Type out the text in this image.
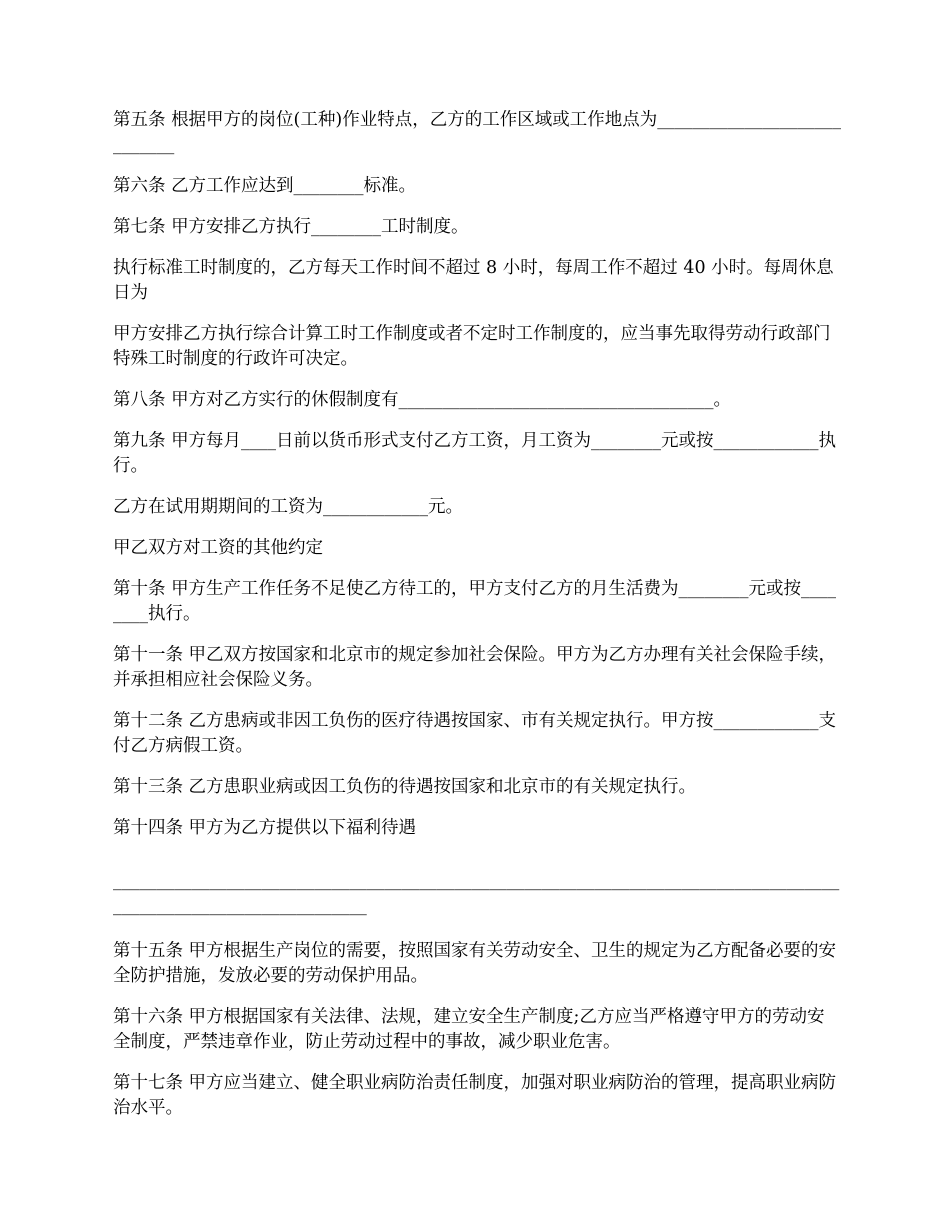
第五条 根据甲方的岗位(工种)作业特点，乙方的工作区域或工作地点为____________________________

第六条 乙方工作应达到________标准。

第七条 甲方安排乙方执行________工时制度。

执行标准工时制度的，乙方每天工作时间不超过 8 小时，每周工作不超过 40 小时。每周休息日为

甲方安排乙方执行综合计算工时工作制度或者不定时工作制度的，应当事先取得劳动行政部门特殊工时制度的行政许可决定。

第八条 甲方对乙方实行的休假制度有____________________________________。

第九条 甲方每月____日前以货币形式支付乙方工资，月工资为________元或按____________执行。

乙方在试用期期间的工资为____________元。

甲乙双方对工资的其他约定

第十条 甲方生产工作任务不足使乙方待工的，甲方支付乙方的月生活费为________元或按________执行。

第十一条 甲乙双方按国家和北京市的规定参加社会保险。甲方为乙方办理有关社会保险手续，并承担相应社会保险义务。

第十二条 乙方患病或非因工负伤的医疗待遇按国家、市有关规定执行。甲方按____________支付乙方病假工资。

第十三条 乙方患职业病或因工负伤的待遇按国家和北京市的有关规定执行。

第十四条 甲方为乙方提供以下福利待遇

________________________________________________________________________________________________________________

第十五条 甲方根据生产岗位的需要，按照国家有关劳动安全、卫生的规定为乙方配备必要的安全防护措施，发放必要的劳动保护用品。

第十六条 甲方根据国家有关法律、法规，建立安全生产制度;乙方应当严格遵守甲方的劳动安全制度，严禁违章作业，防止劳动过程中的事故，减少职业危害。

第十七条 甲方应当建立、健全职业病防治责任制度，加强对职业病防治的管理，提高职业病防治水平。
